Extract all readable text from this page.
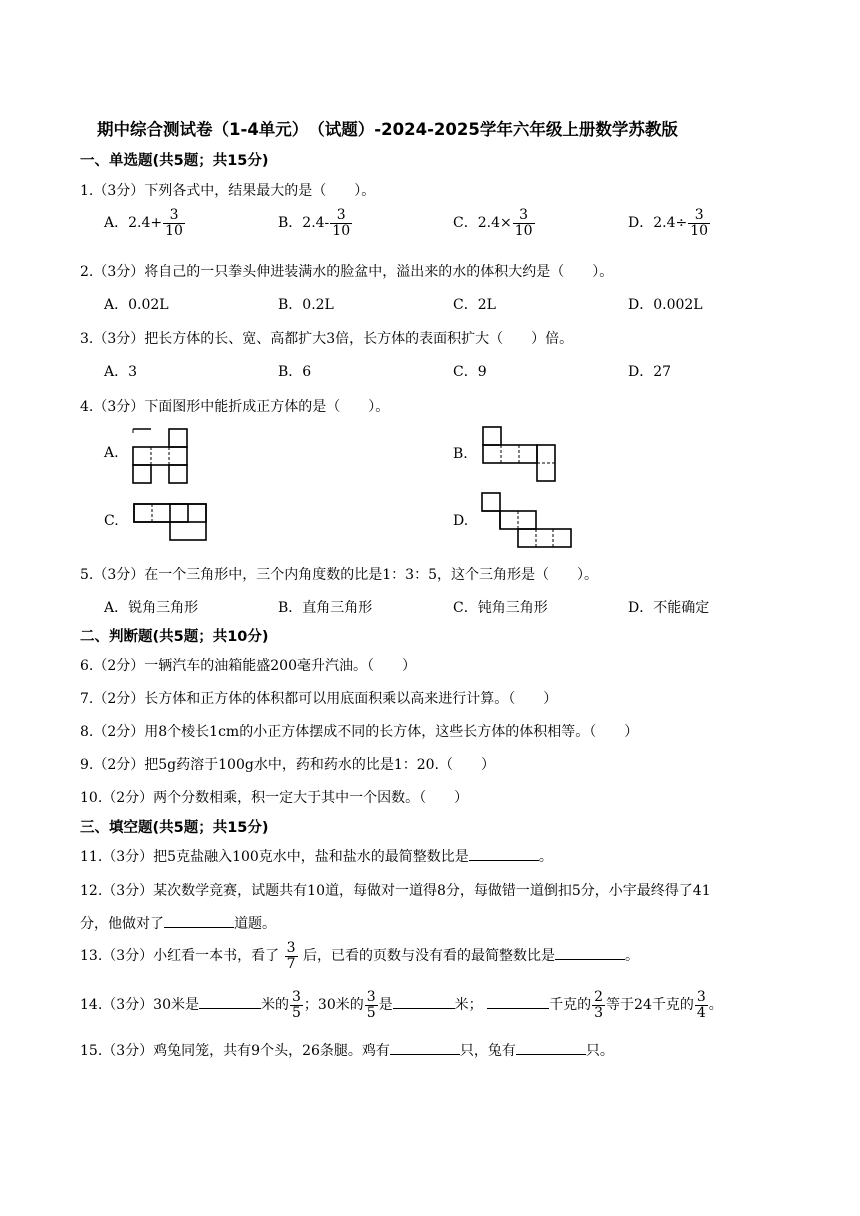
期中综合测试卷（1-4单元）　（试题）-2024-2025学年六年级上册数学苏教版
一、单选题(共5题；共15分)
1.（3分）下列各式中，结果最大的是（　　）。
A．$2.4+ \frac{3}{10}$	B．$2.4- \frac{3}{10}$	C．$2.4\times \frac{3}{10}$	D．$2.4\div \frac{3}{10}$
2.（3分）将自己的一只拳头伸进装满水的脸盆中，溢出来的水的体积大约是（　　）。
A．0.02L	B．0.2L	C．2L	D．0.002L
3.（3分）把长方体的长、宽、高都扩大3倍，长方体的表面积扩大（　　）倍。
A．3	B．6	C．9	D．27
4.（3分）下面图形中能折成正方体的是（　　）。
A.	B.
C.	D.
5.（3分）在一个三角形中，三个内角度数的比是1：3：5，这个三角形是（　　）。
A．锐角三角形	B．直角三角形	C．钝角三角形	D．不能确定
二、判断题(共5题；共10分)
6.（2分）一辆汽车的油箱能盛200毫升汽油。（　　）
7.（2分）长方体和正方体的体积都可以用底面积乘以高来进行计算。（　　）
8.（2分）用8个棱长1cm的小正方体摆成不同的长方体，这些长方体的体积相等。（　　）
9.（2分）把5g药溶于100g水中，药和药水的比是1：20.（　　）
10.（2分）两个分数相乘，积一定大于其中一个因数。（　　）
三、填空题(共5题；共15分)
11.（3分）把5克盐融入100克水中，盐和盐水的最简整数比是	。
12.（3分）某次数学竞赛，试题共有10道，每做对一道得8分，每做错一道倒扣5分，小宇最终得了41
分，他做对了	道题。
13.（3分）小红看一本书，看了 $\frac{3}{7}$ 后，已看的页数与没有看的最简整数比是	。
14.（3分）30米是	米的 $\frac{3}{5}$ ；30米的 $\frac{3}{5}$ 是	米；	千克的 $\frac{2}{3}$ 等于24千克的 $\frac{3}{4}$ 。
15.（3分）鸡兔同笼，共有9个头，26条腿。鸡有	只，兔有	只。
